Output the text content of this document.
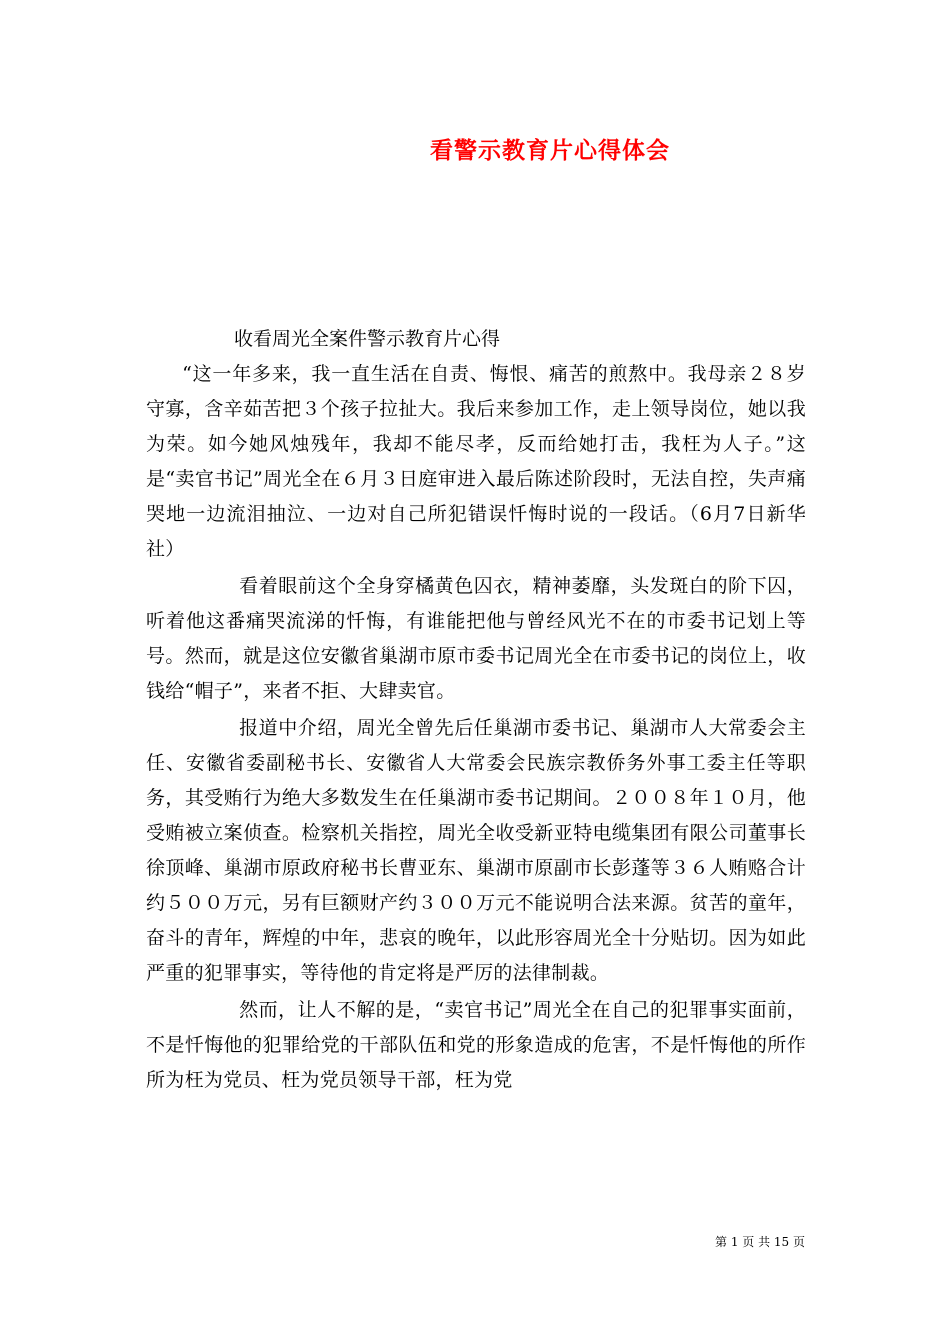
看警示教育片心得体会

收看周光全案件警示教育片心得

“这一年多来，我一直生活在自责、悔恨、痛苦的煎熬中。我母亲２８岁守寡，含辛茹苦把３个孩子拉扯大。我后来参加工作，走上领导岗位，她以我为荣。如今她风烛残年，我却不能尽孝，反而给她打击，我枉为人子。”这是“卖官书记”周光全在６月３日庭审进入最后陈述阶段时，无法自控，失声痛哭地一边流泪抽泣、一边对自己所犯错误忏悔时说的一段话。（6月7日新华社）

看着眼前这个全身穿橘黄色囚衣，精神萎靡，头发斑白的阶下囚，听着他这番痛哭流涕的忏悔，有谁能把他与曾经风光不在的市委书记划上等号。然而，就是这位安徽省巢湖市原市委书记周光全在市委书记的岗位上，收钱给“帽子”，来者不拒、大肆卖官。

报道中介绍，周光全曾先后任巢湖市委书记、巢湖市人大常委会主任、安徽省委副秘书长、安徽省人大常委会民族宗教侨务外事工委主任等职务，其受贿行为绝大多数发生在任巢湖市委书记期间。２００８年１０月，他受贿被立案侦查。检察机关指控，周光全收受新亚特电缆集团有限公司董事长徐顶峰、巢湖市原政府秘书长曹亚东、巢湖市原副市长彭蓬等３６人贿赂合计约５００万元，另有巨额财产约３００万元不能说明合法来源。贫苦的童年，奋斗的青年，辉煌的中年，悲哀的晚年，以此形容周光全十分贴切。因为如此严重的犯罪事实，等待他的肯定将是严厉的法律制裁。

然而，让人不解的是，“卖官书记”周光全在自己的犯罪事实面前，不是忏悔他的犯罪给党的干部队伍和党的形象造成的危害，不是忏悔他的所作所为枉为党员、枉为党员领导干部，枉为党

第 1 页 共 15 页
